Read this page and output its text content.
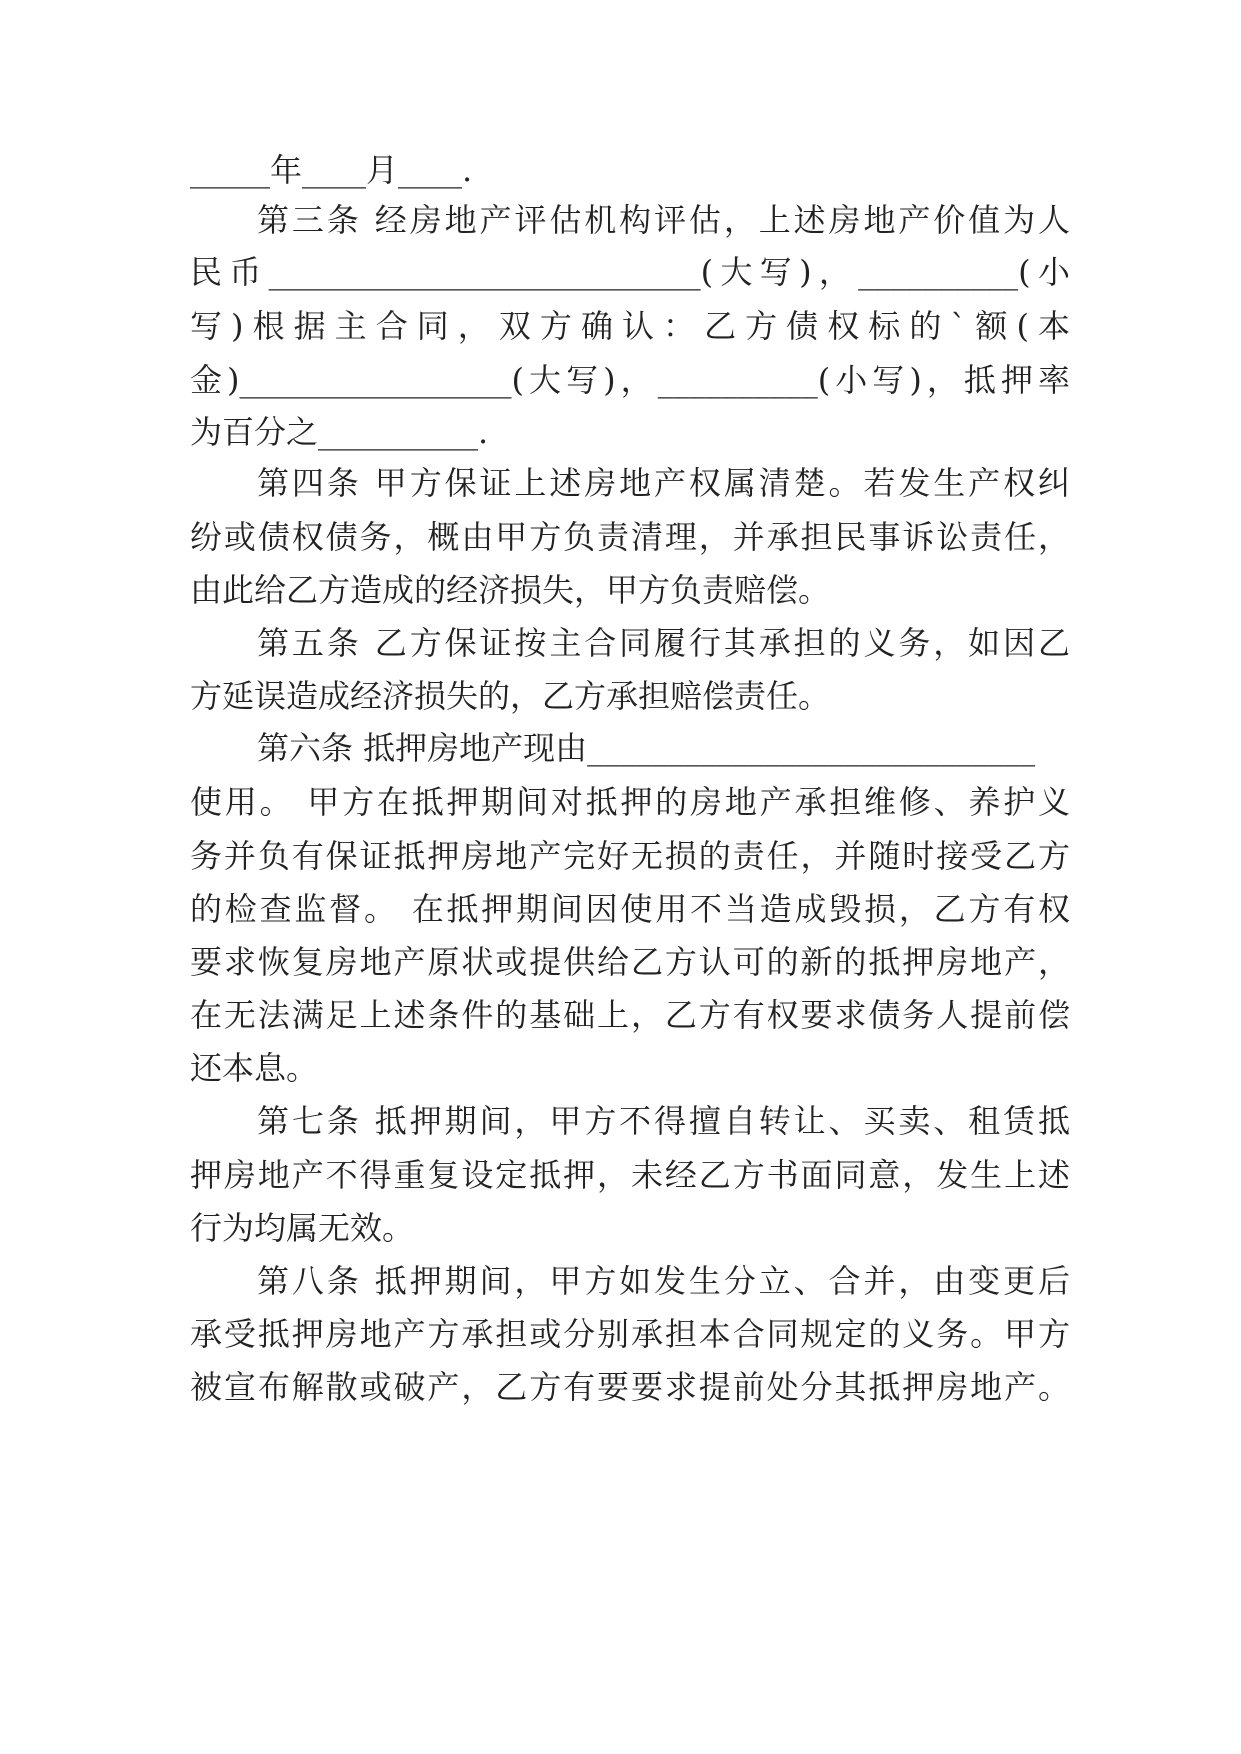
_____年____月____.
第三条 经房地产评估机构评估，上述房地产价值为人
民币___________________________(大写)，__________(小
写)根据主合同，双方确认：乙方债权标的`额(本
金)_________________(大写)，__________(小写)，抵押率
为百分之__________.
第四条 甲方保证上述房地产权属清楚。若发生产权纠
纷或债权债务，概由甲方负责清理，并承担民事诉讼责任，
由此给乙方造成的经济损失，甲方负责赔偿。
第五条 乙方保证按主合同履行其承担的义务，如因乙
方延误造成经济损失的，乙方承担赔偿责任。
第六条 抵押房地产现由____________________________
使用。 甲方在抵押期间对抵押的房地产承担维修、养护义
务并负有保证抵押房地产完好无损的责任，并随时接受乙方
的检查监督。 在抵押期间因使用不当造成毁损，乙方有权
要求恢复房地产原状或提供给乙方认可的新的抵押房地产，
在无法满足上述条件的基础上，乙方有权要求债务人提前偿
还本息。
第七条 抵押期间，甲方不得擅自转让、买卖、租赁抵
押房地产不得重复设定抵押，未经乙方书面同意，发生上述
行为均属无效。
第八条 抵押期间，甲方如发生分立、合并，由变更后
承受抵押房地产方承担或分别承担本合同规定的义务。甲方
被宣布解散或破产，乙方有要要求提前处分其抵押房地产。
